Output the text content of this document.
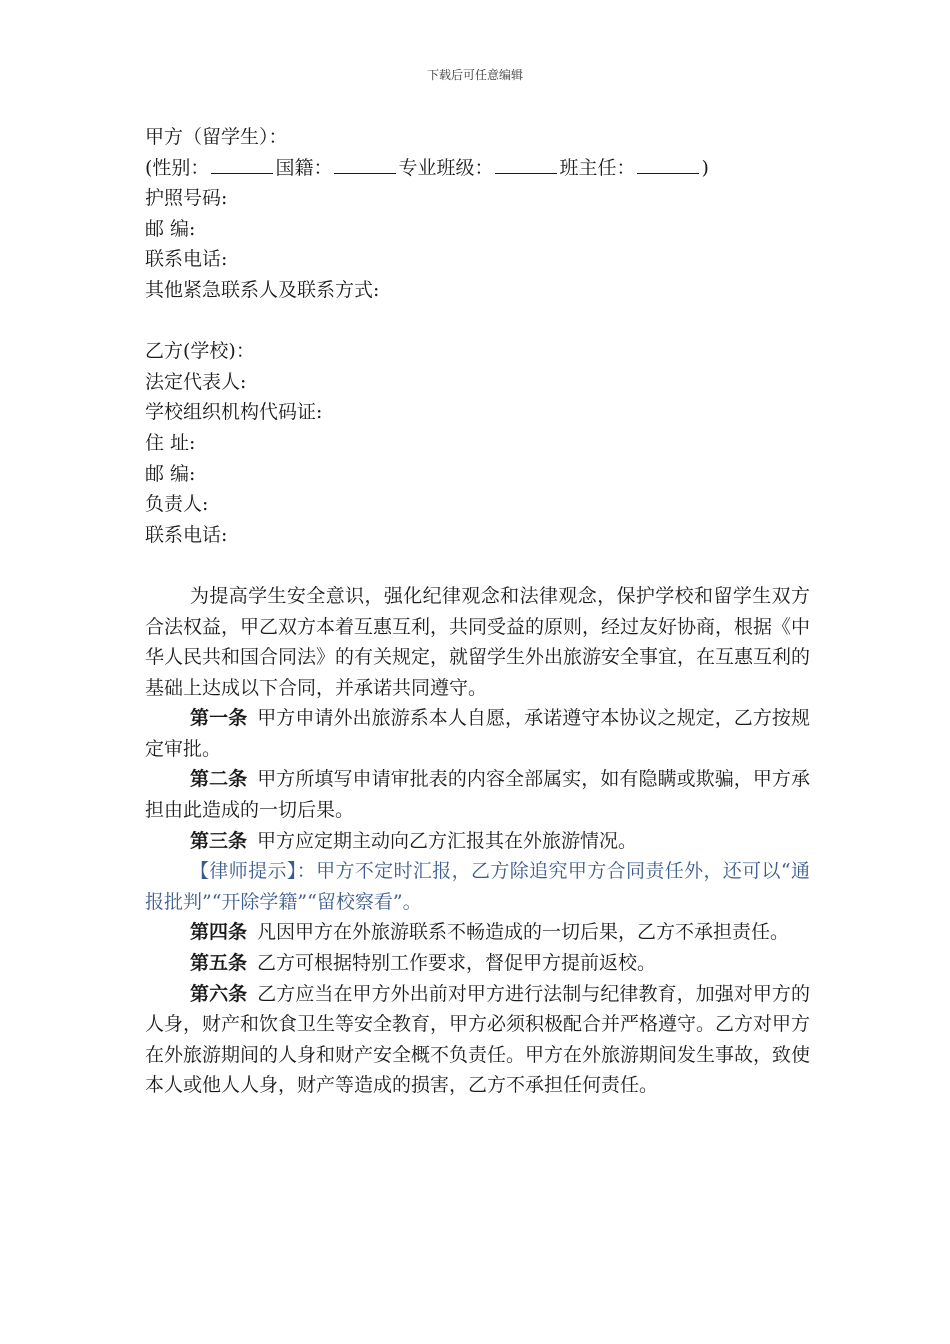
下载后可任意编辑
甲方（留学生）：
(性别：	国籍：	专业班级：	班主任：	)
护照号码:
邮 编:
联系电话:
其他紧急联系人及联系方式:
乙方(学校)：
法定代表人:
学校组织机构代码证:
住 址:
邮 编:
负责人:
联系电话:
为提高学生安全意识，强化纪律观念和法律观念，保护学校和留学生双方合法权益，甲乙双方本着互惠互利，共同受益的原则，经过友好协商，根据《中华人民共和国合同法》的有关规定，就留学生外出旅游安全事宜，在互惠互利的基础上达成以下合同，并承诺共同遵守。
第一条 甲方申请外出旅游系本人自愿，承诺遵守本协议之规定，乙方按规定审批。
第二条 甲方所填写申请审批表的内容全部属实，如有隐瞒或欺骗，甲方承担由此造成的一切后果。
第三条 甲方应定期主动向乙方汇报其在外旅游情况。
【律师提示】：甲方不定时汇报，乙方除追究甲方合同责任外，还可以“通报批判”“开除学籍”“留校察看”。
第四条 凡因甲方在外旅游联系不畅造成的一切后果，乙方不承担责任。
第五条 乙方可根据特别工作要求，督促甲方提前返校。
第六条 乙方应当在甲方外出前对甲方进行法制与纪律教育，加强对甲方的人身，财产和饮食卫生等安全教育，甲方必须积极配合并严格遵守。乙方对甲方在外旅游期间的人身和财产安全概不负责任。甲方在外旅游期间发生事故，致使本人或他人人身，财产等造成的损害，乙方不承担任何责任。
